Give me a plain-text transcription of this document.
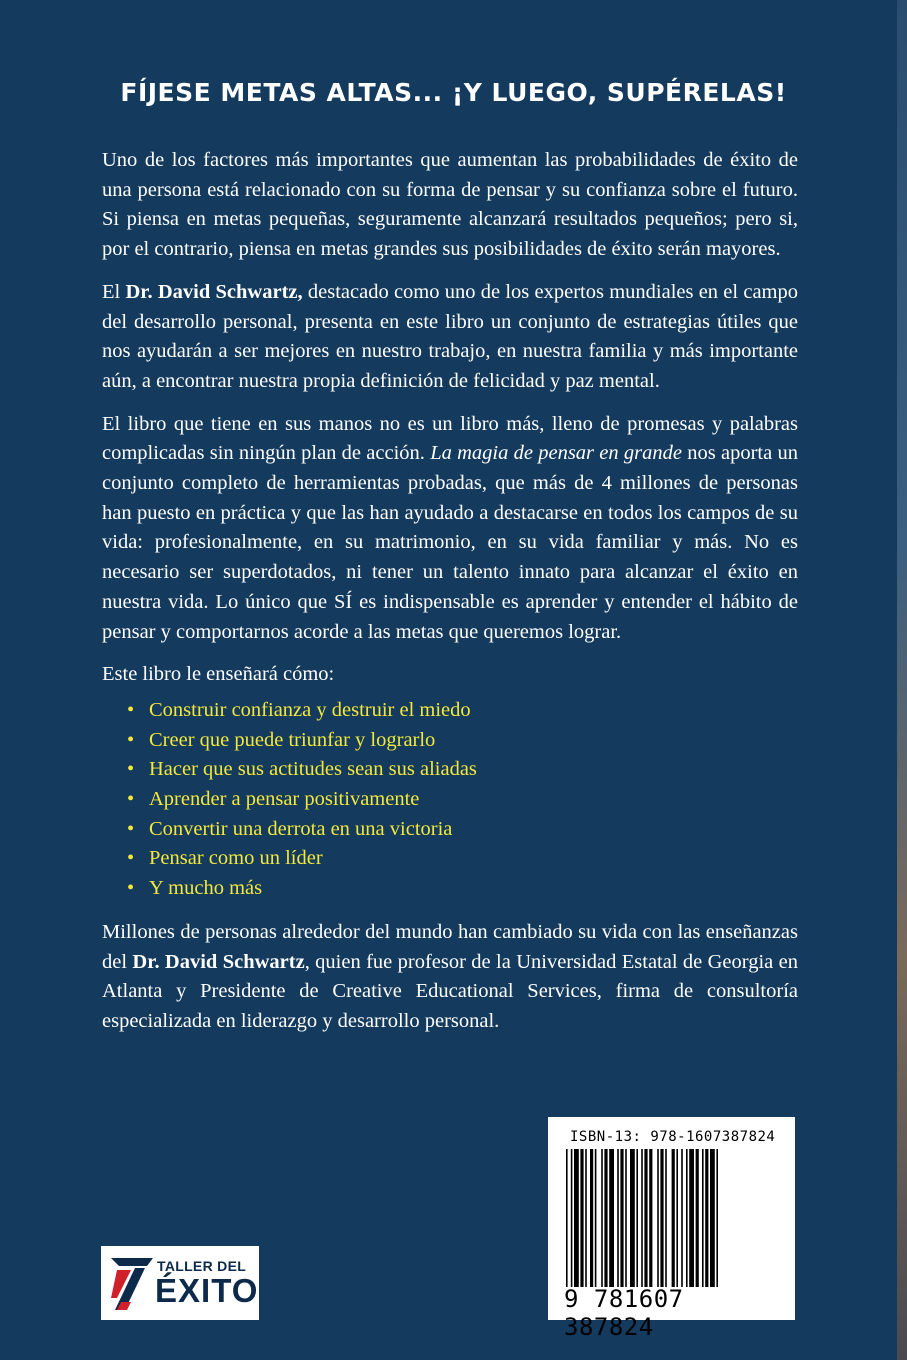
FÍJESE METAS ALTAS... ¡Y LUEGO, SUPÉRELAS!

Uno de los factores más importantes que aumentan las probabilidades de éxito de una persona está relacionado con su forma de pensar y su confianza sobre el futuro. Si piensa en metas pequeñas, seguramente alcanzará resultados pequeños; pero si, por el contrario, piensa en metas grandes sus posibilidades de éxito serán mayores.

El Dr. David Schwartz, destacado como uno de los expertos mundiales en el campo del desarrollo personal, presenta en este libro un conjunto de estrategias útiles que nos ayudarán a ser mejores en nuestro trabajo, en nuestra familia y más importante aún, a encontrar nuestra propia definición de felicidad y paz mental.

El libro que tiene en sus manos no es un libro más, lleno de promesas y palabras complicadas sin ningún plan de acción. La magia de pensar en grande nos aporta un conjunto completo de herramientas probadas, que más de 4 millones de personas han puesto en práctica y que las han ayudado a destacarse en todos los campos de su vida: profesionalmente, en su matrimonio, en su vida familiar y más. No es necesario ser superdotados, ni tener un talento innato para alcanzar el éxito en nuestra vida. Lo único que SÍ es indispensable es aprender y entender el hábito de pensar y comportarnos acorde a las metas que queremos lograr.

Este libro le enseñará cómo:

• Construir confianza y destruir el miedo
• Creer que puede triunfar y lograrlo
• Hacer que sus actitudes sean sus aliadas
• Aprender a pensar positivamente
• Convertir una derrota en una victoria
• Pensar como un líder
• Y mucho más

Millones de personas alrededor del mundo han cambiado su vida con las enseñanzas del Dr. David Schwartz, quien fue profesor de la Universidad Estatal de Georgia en Atlanta y Presidente de Creative Educational Services, firma de consultoría especializada en liderazgo y desarrollo personal.

ISBN-13: 978-1607387824
9 781607 387824
TALLER DEL
ÉXITO
